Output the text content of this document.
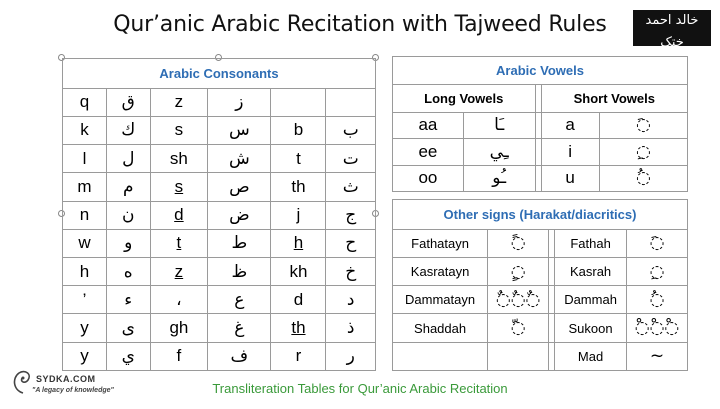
Qur’anic Arabic Recitation with Tajweed Rules	خالد احمد ختک
Khalid Ahmad Khattak
Arabic Consonants					
q	ق	z	ز		
k	ك	s	س	b	ب
l	ل	sh	ش	t	ت
m	م	s	ص	th	ث
n	ن	d	ض	j	ج
w	و	t	ط	h	ح
h	ه	z	ظ	kh	خ
’	ء	،	ع	d	د
y	ى	gh	غ	th	ذ
y	ي	f	ف	r	ر
Arabic Vowels				
Long Vowels			Short Vowels	
aa	ـَا		a	◌َ
ee	ـِي		i	◌ِ
oo	ـُو		u	◌ُ
Other signs (Harakat/diacritics)				
Fathatayn	◌ً		Fathah	◌َ
Kasratayn	◌ٍ		Kasrah	◌ِ
Dammatayn	◌ٌ◌ٌ◌ٌ		Dammah	◌ُ
Shaddah	◌ّ		Sukoon	◌ْ◌ْ◌ْ
			Mad	~
SYDKA.COM
"A legacy of knowledge"	Transliteration Tables for Qur’anic Arabic Recitation
